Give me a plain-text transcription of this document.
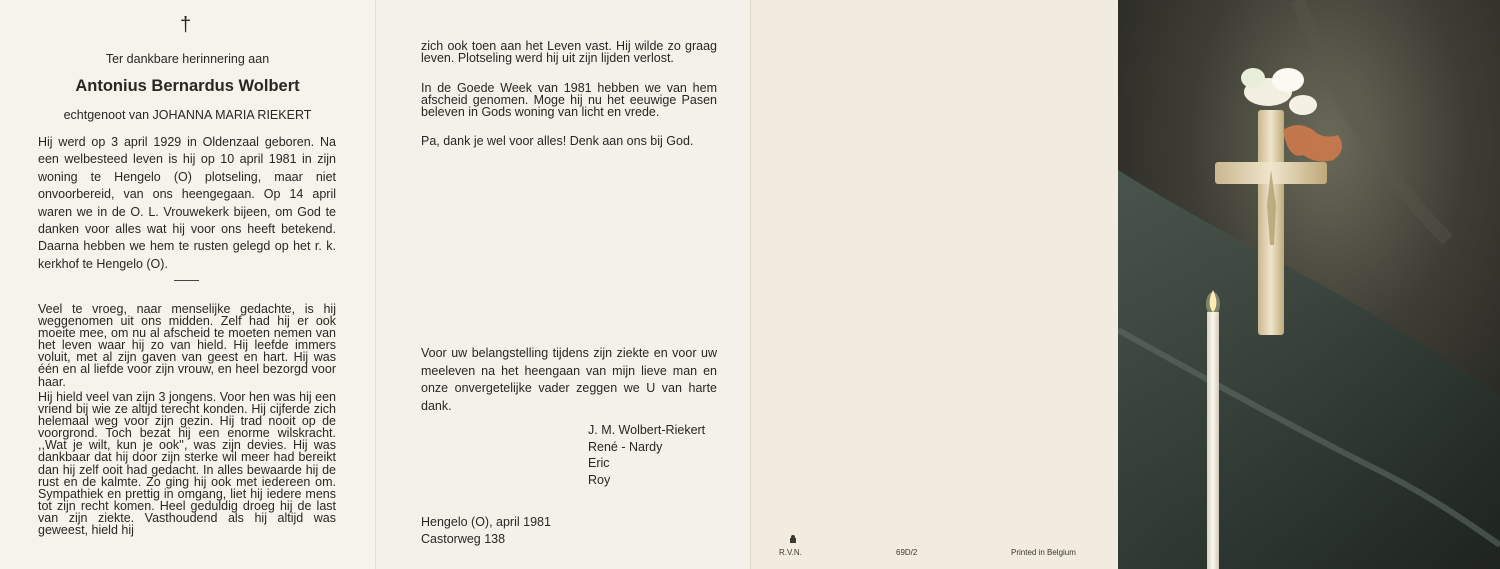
†
Ter dankbare herinnering aan
Antonius Bernardus Wolbert
echtgenoot van JOHANNA MARIA RIEKERT

Hij werd op 3 april 1929 in Oldenzaal geboren. Na een welbesteed leven is hij op 10 april 1981 in zijn woning te Hengelo (O) plotseling, maar niet onvoorbereid, van ons heengegaan. Op 14 april waren we in de O. L. Vrouwekerk bijeen, om God te danken voor alles wat hij voor ons heeft betekend. Daarna hebben we hem te rusten gelegd op het r. k. kerkhof te Hengelo (O).

Veel te vroeg, naar menselijke gedachte, is hij weggenomen uit ons midden. Zelf had hij er ook moeite mee, om nu al afscheid te moeten nemen van het leven waar hij zo van hield. Hij leefde immers voluit, met al zijn gaven van geest en hart. Hij was één en al liefde voor zijn vrouw, en heel bezorgd voor haar.

Hij hield veel van zijn 3 jongens. Voor hen was hij een vriend bij wie ze altijd terecht konden. Hij cijferde zich helemaal weg voor zijn gezin. Hij trad nooit op de voorgrond. Toch bezat hij een enorme wilskracht. ,,Wat je wilt, kun je ook'', was zijn devies. Hij was dankbaar dat hij door zijn sterke wil meer had bereikt dan hij zelf ooit had gedacht. In alles bewaarde hij de rust en de kalmte. Zo ging hij ook met iedereen om. Sympathiek en prettig in omgang, liet hij iedere mens tot zijn recht komen. Heel geduldig droeg hij de last van zijn ziekte. Vasthoudend als hij altijd was geweest, hield hij

zich ook toen aan het Leven vast. Hij wilde zo graag leven. Plotseling werd hij uit zijn lijden verlost.

In de Goede Week van 1981 hebben we van hem afscheid genomen. Moge hij nu het eeuwige Pasen beleven in Gods woning van licht en vrede.

Pa, dank je wel voor alles! Denk aan ons bij God.

Voor uw belangstelling tijdens zijn ziekte en voor uw meeleven na het heengaan van mijn lieve man en onze onvergetelijke vader zeggen we U van harte dank.

J. M. Wolbert-Riekert
René - Nardy
Eric
Roy
Hengelo (O), april 1981
Castorweg 138
R.V.N.	69D/2	Printed in Belgium
